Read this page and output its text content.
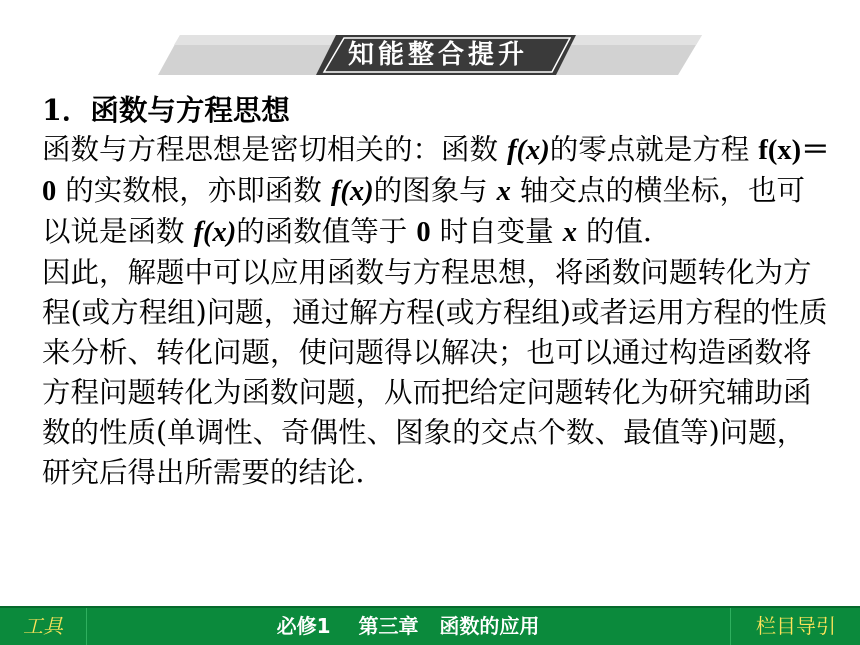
知能整合提升

1．函数与方程思想

函数与方程思想是密切相关的：函数 f(x)的零点就是方程 f(x)＝0 的实数根，亦即函数 f(x)的图象与 x 轴交点的横坐标，也可以说是函数 f(x)的函数值等于 0 时自变量 x 的值．

因此，解题中可以应用函数与方程思想，将函数问题转化为方程(或方程组)问题，通过解方程(或方程组)或者运用方程的性质来分析、转化问题，使问题得以解决；也可以通过构造函数将方程问题转化为函数问题，从而把给定问题转化为研究辅助函数的性质(单调性、奇偶性、图象的交点个数、最值等)问题，研究后得出所需要的结论．

工具	必修1    第三章   函数的应用	栏目导引
